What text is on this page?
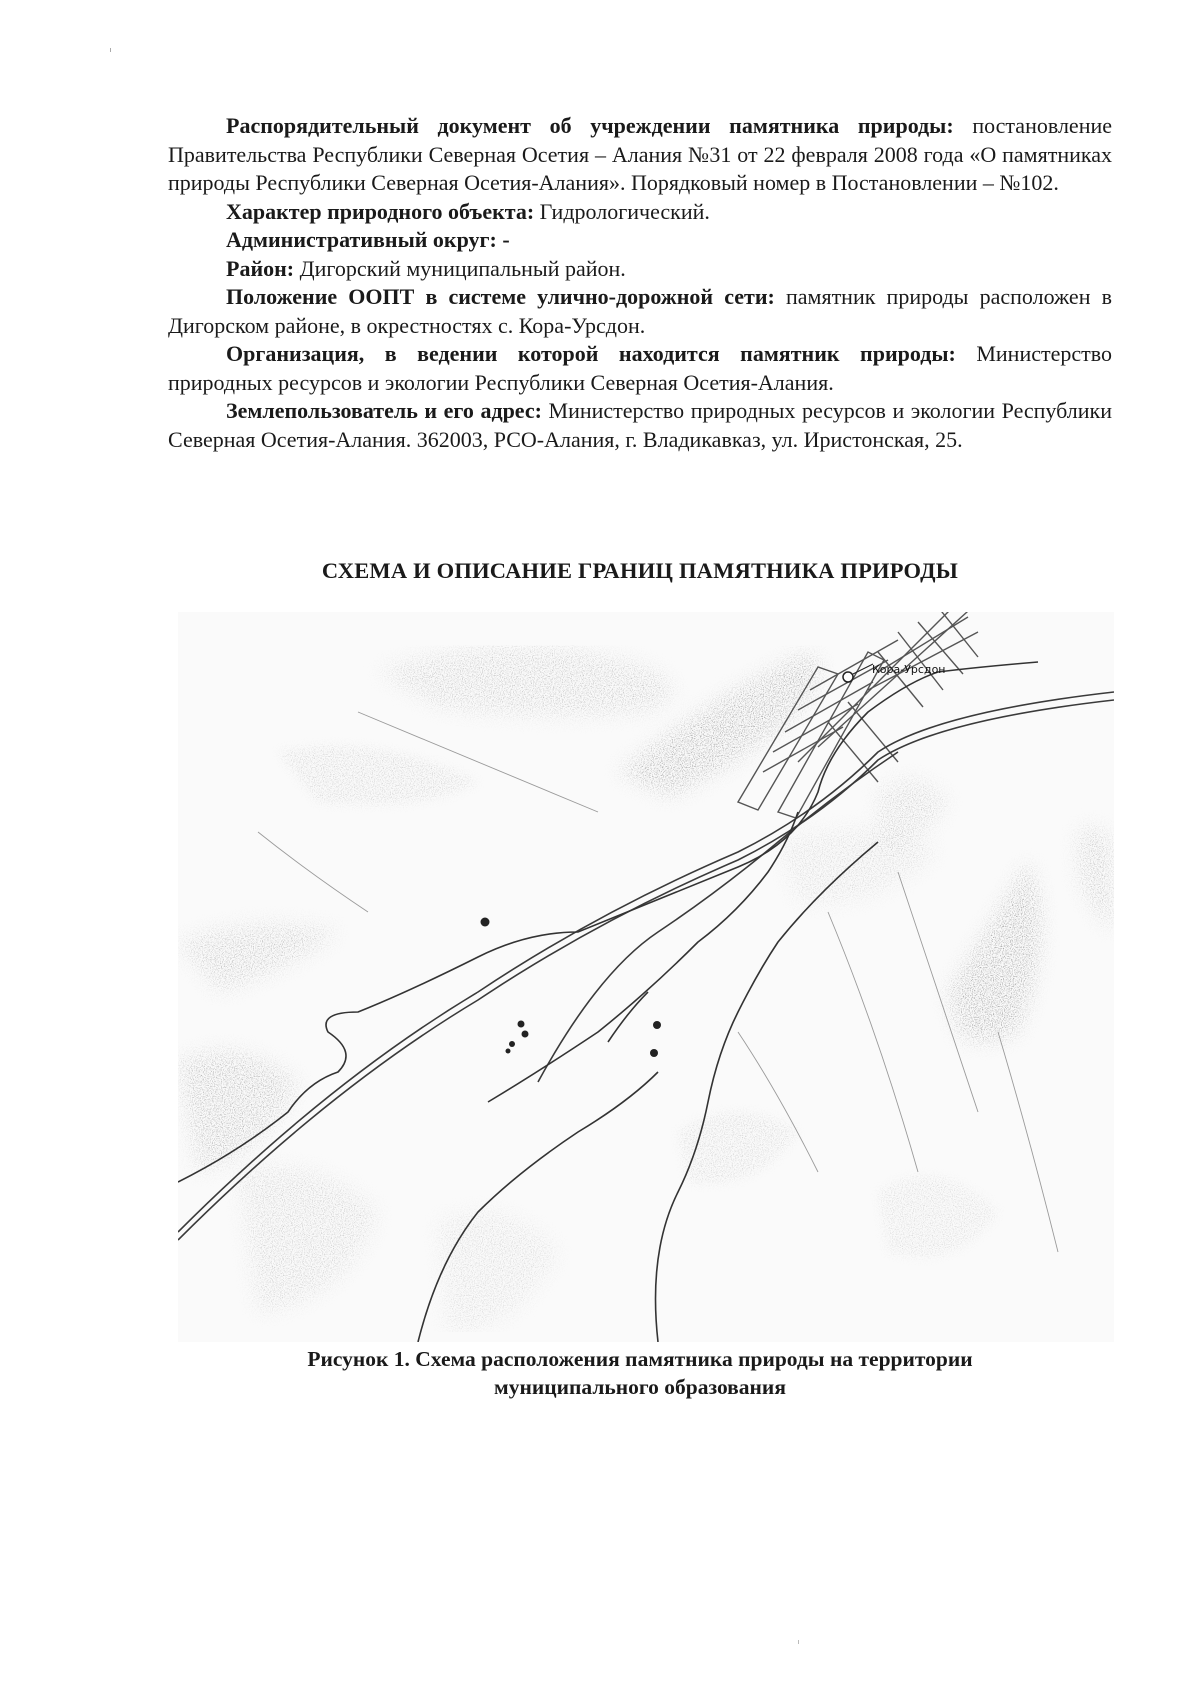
Распорядительный документ об учреждении памятника природы: постановление Правительства Республики Северная Осетия – Алания №31 от 22 февраля 2008 года «О памятниках природы Республики Северная Осетия-Алания». Порядковый номер в Постановлении – №102.

Характер природного объекта: Гидрологический.

Административный округ: -

Район: Дигорский муниципальный район.

Положение ООПТ в системе улично-дорожной сети: памятник природы расположен в Дигорском районе, в окрестностях с. Кора-Урсдон.

Организация, в ведении которой находится памятник природы: Министерство природных ресурсов и экологии Республики Северная Осетия-Алания.

Землепользователь и его адрес: Министерство природных ресурсов и экологии Республики Северная Осетия-Алания. 362003, РСО-Алания, г. Владикавказ, ул. Иристонская, 25.

СХЕМА И ОПИСАНИЕ ГРАНИЦ ПАМЯТНИКА ПРИРОДЫ
Кора-Урсдон
Рисунок 1. Схема расположения памятника природы на территории
муниципального образования
